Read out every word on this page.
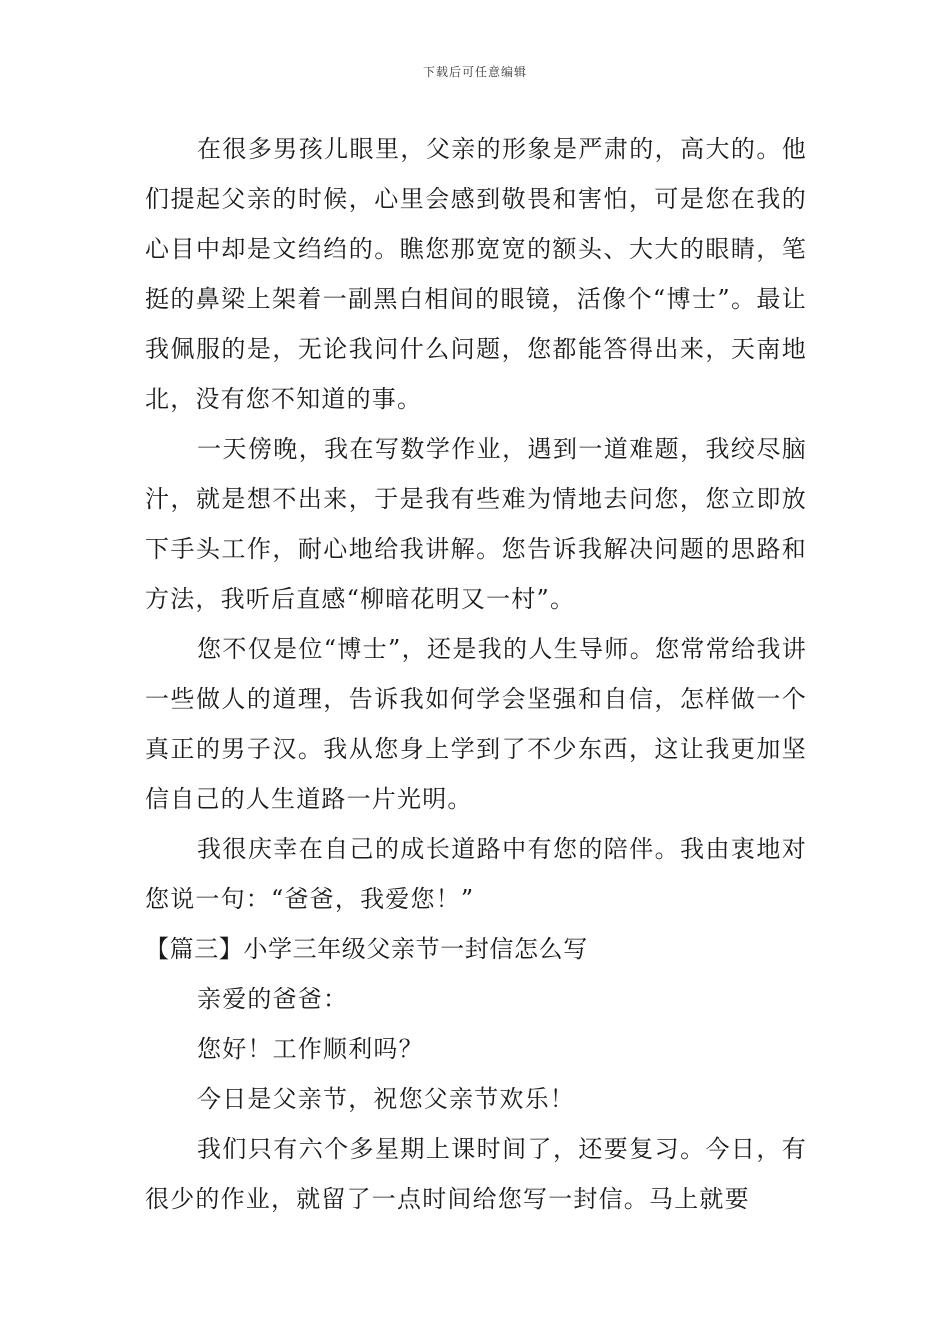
下载后可任意编辑

在很多男孩儿眼里，父亲的形象是严肃的，高大的。他们提起父亲的时候，心里会感到敬畏和害怕，可是您在我的心目中却是文绉绉的。瞧您那宽宽的额头、大大的眼睛，笔挺的鼻梁上架着一副黑白相间的眼镜，活像个“博士”。最让我佩服的是，无论我问什么问题，您都能答得出来，天南地北，没有您不知道的事。

一天傍晚，我在写数学作业，遇到一道难题，我绞尽脑汁，就是想不出来，于是我有些难为情地去问您，您立即放下手头工作，耐心地给我讲解。您告诉我解决问题的思路和方法，我听后直感“柳暗花明又一村”。

您不仅是位“博士”，还是我的人生导师。您常常给我讲一些做人的道理，告诉我如何学会坚强和自信，怎样做一个真正的男子汉。我从您身上学到了不少东西，这让我更加坚信自己的人生道路一片光明。

我很庆幸在自己的成长道路中有您的陪伴。我由衷地对您说一句：“爸爸，我爱您！”

【篇三】小学三年级父亲节一封信怎么写

亲爱的爸爸：

您好！工作顺利吗？

今日是父亲节，祝您父亲节欢乐！

我们只有六个多星期上课时间了，还要复习。今日，有很少的作业，就留了一点时间给您写一封信。马上就要
